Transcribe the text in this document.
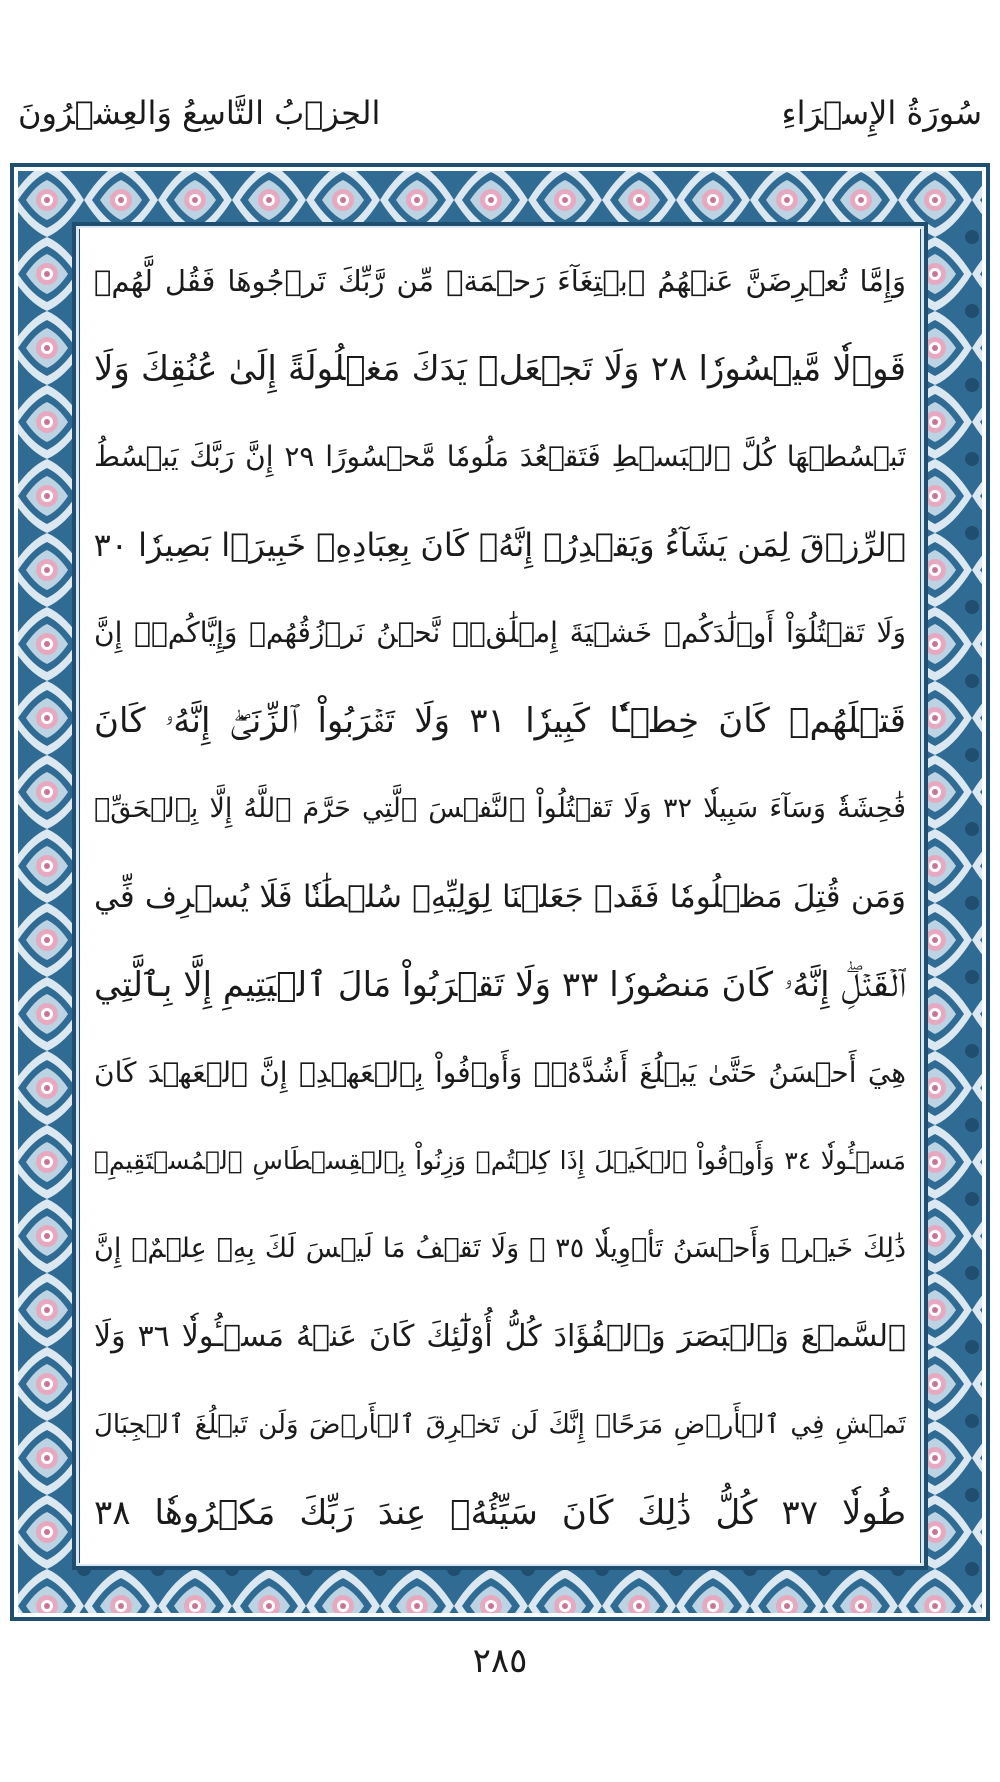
سُورَةُ الإِسۡرَاءِ
الحِزۡبُ التَّاسِعُ وَالعِشۡرُونَ
وَإِمَّا تُعۡرِضَنَّ عَنۡهُمُ ٱبۡتِغَآءَ رَحۡمَةٖ مِّن رَّبِّكَ تَرۡجُوهَا فَقُل لَّهُمۡ
قَوۡلٗا مَّيۡسُورٗا ٢٨ وَلَا تَجۡعَلۡ يَدَكَ مَغۡلُولَةً إِلَىٰ عُنُقِكَ وَلَا
تَبۡسُطۡهَا كُلَّ ٱلۡبَسۡطِ فَتَقۡعُدَ مَلُومٗا مَّحۡسُورًا ٢٩ إِنَّ رَبَّكَ يَبۡسُطُ
ٱلرِّزۡقَ لِمَن يَشَآءُ وَيَقۡدِرُۚ إِنَّهُۥ كَانَ بِعِبَادِهِۦ خَبِيرَۢا بَصِيرٗا ٣٠
وَلَا تَقۡتُلُوٓاْ أَوۡلَٰدَكُمۡ خَشۡيَةَ إِمۡلَٰقٖۖ نَّحۡنُ نَرۡزُقُهُمۡ وَإِيَّاكُمۡۚ إِنَّ
قَتۡلَهُمۡ كَانَ خِطۡـٔٗا كَبِيرٗا ٣١ وَلَا تَقۡرَبُواْ ٱلزِّنَىٰٓۖ إِنَّهُۥ كَانَ
فَٰحِشَةٗ وَسَآءَ سَبِيلٗا ٣٢ وَلَا تَقۡتُلُواْ ٱلنَّفۡسَ ٱلَّتِي حَرَّمَ ٱللَّهُ إِلَّا بِٱلۡحَقِّۗ
وَمَن قُتِلَ مَظۡلُومٗا فَقَدۡ جَعَلۡنَا لِوَلِيِّهِۦ سُلۡطَٰنٗا فَلَا يُسۡرِف فِّي
ٱلۡقَتۡلِۖ إِنَّهُۥ كَانَ مَنصُورٗا ٣٣ وَلَا تَقۡرَبُواْ مَالَ ٱلۡيَتِيمِ إِلَّا بِٱلَّتِي
هِيَ أَحۡسَنُ حَتَّىٰ يَبۡلُغَ أَشُدَّهُۥۚ وَأَوۡفُواْ بِٱلۡعَهۡدِۖ إِنَّ ٱلۡعَهۡدَ كَانَ
مَسۡـُٔولٗا ٣٤ وَأَوۡفُواْ ٱلۡكَيۡلَ إِذَا كِلۡتُمۡ وَزِنُواْ بِٱلۡقِسۡطَاسِ ٱلۡمُسۡتَقِيمِۚ
ذَٰلِكَ خَيۡرٞ وَأَحۡسَنُ تَأۡوِيلٗا ٣٥ ۞ وَلَا تَقۡفُ مَا لَيۡسَ لَكَ بِهِۦ عِلۡمٌۚ إِنَّ
ٱلسَّمۡعَ وَٱلۡبَصَرَ وَٱلۡفُؤَادَ كُلُّ أُوْلَٰٓئِكَ كَانَ عَنۡهُ مَسۡـُٔولٗا ٣٦ وَلَا
تَمۡشِ فِي ٱلۡأَرۡضِ مَرَحًاۖ إِنَّكَ لَن تَخۡرِقَ ٱلۡأَرۡضَ وَلَن تَبۡلُغَ ٱلۡجِبَالَ
طُولٗا ٣٧ كُلُّ ذَٰلِكَ كَانَ سَيِّئُهُۥ عِندَ رَبِّكَ مَكۡرُوهٗا ٣٨
٢٨٥
